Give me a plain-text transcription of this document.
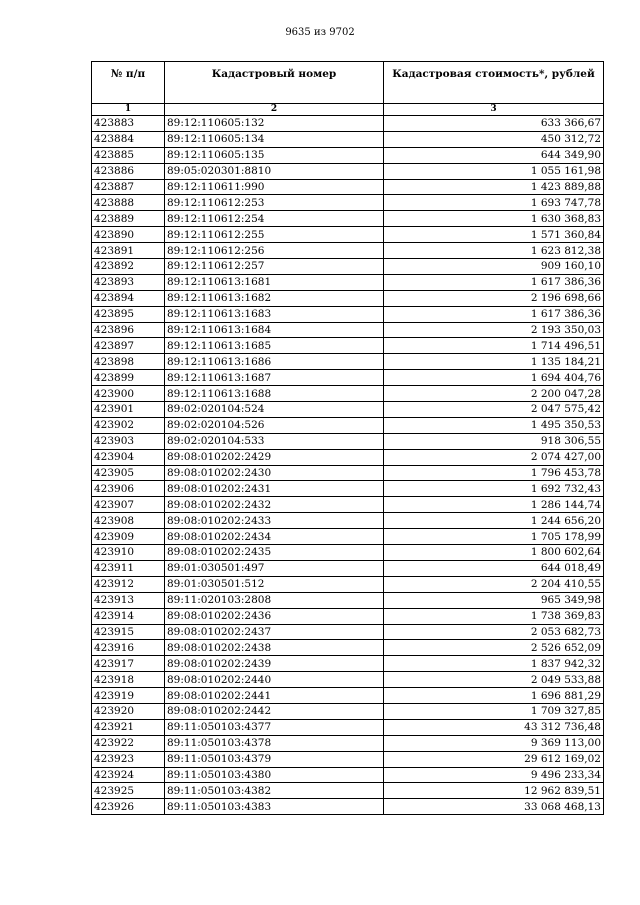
9635 из 9702
№ п/п	Кадастровый номер	Кадастровая стоимость*, рублей
1	2	3
423883	89:12:110605:132	633 366,67
423884	89:12:110605:134	450 312,72
423885	89:12:110605:135	644 349,90
423886	89:05:020301:8810	1 055 161,98
423887	89:12:110611:990	1 423 889,88
423888	89:12:110612:253	1 693 747,78
423889	89:12:110612:254	1 630 368,83
423890	89:12:110612:255	1 571 360,84
423891	89:12:110612:256	1 623 812,38
423892	89:12:110612:257	909 160,10
423893	89:12:110613:1681	1 617 386,36
423894	89:12:110613:1682	2 196 698,66
423895	89:12:110613:1683	1 617 386,36
423896	89:12:110613:1684	2 193 350,03
423897	89:12:110613:1685	1 714 496,51
423898	89:12:110613:1686	1 135 184,21
423899	89:12:110613:1687	1 694 404,76
423900	89:12:110613:1688	2 200 047,28
423901	89:02:020104:524	2 047 575,42
423902	89:02:020104:526	1 495 350,53
423903	89:02:020104:533	918 306,55
423904	89:08:010202:2429	2 074 427,00
423905	89:08:010202:2430	1 796 453,78
423906	89:08:010202:2431	1 692 732,43
423907	89:08:010202:2432	1 286 144,74
423908	89:08:010202:2433	1 244 656,20
423909	89:08:010202:2434	1 705 178,99
423910	89:08:010202:2435	1 800 602,64
423911	89:01:030501:497	644 018,49
423912	89:01:030501:512	2 204 410,55
423913	89:11:020103:2808	965 349,98
423914	89:08:010202:2436	1 738 369,83
423915	89:08:010202:2437	2 053 682,73
423916	89:08:010202:2438	2 526 652,09
423917	89:08:010202:2439	1 837 942,32
423918	89:08:010202:2440	2 049 533,88
423919	89:08:010202:2441	1 696 881,29
423920	89:08:010202:2442	1 709 327,85
423921	89:11:050103:4377	43 312 736,48
423922	89:11:050103:4378	9 369 113,00
423923	89:11:050103:4379	29 612 169,02
423924	89:11:050103:4380	9 496 233,34
423925	89:11:050103:4382	12 962 839,51
423926	89:11:050103:4383	33 068 468,13
